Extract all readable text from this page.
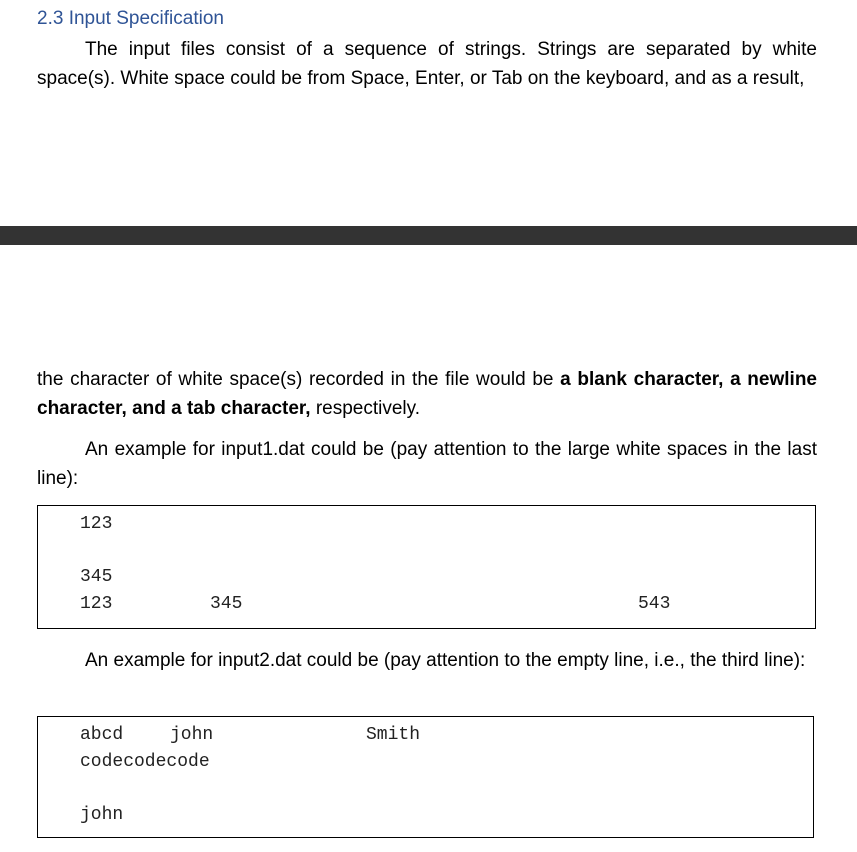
2.3 Input Specification
The input files consist of a sequence of strings. Strings are separated by white
space(s). White space could be from Space, Enter, or Tab on the keyboard, and as a result,
the character of white space(s) recorded in the file would be a blank character, a newline character, and a tab character, respectively.
An example for input1.dat could be (pay attention to the large white spaces in the last line):
123
345
123	345	543
An example for input2.dat could be (pay attention to the empty line, i.e., the third line):
abcd	john	Smith
codecodecode
john
